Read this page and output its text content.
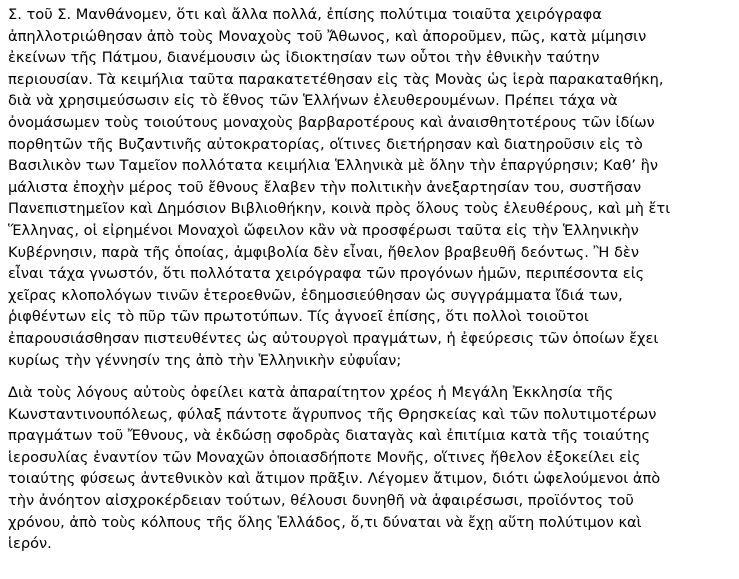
Σ. τοῦ Σ. Μανθάνομεν, ὅτι καὶ ἄλλα πολλά, ἐπίσης πολύτιμα τοιαῦτα χειρόγραφα
ἀπηλλοτριώθησαν ἀπὸ τοὺς Μοναχοὺς τοῦ Ἄθωνος, καὶ ἀποροῦμεν, πῶς, κατὰ μίμησιν
ἐκείνων τῆς Πάτμου, διανέμουσιν ὡς ἰδιοκτησίαν των οὗτοι τὴν ἐθνικὴν ταύτην
περιουσίαν. Τὰ κειμήλια ταῦτα παρακατετέθησαν εἰς τὰς Μονὰς ὡς ἱερὰ παρακαταθήκη,
διὰ νὰ χρησιμεύσωσιν εἰς τὸ ἔθνος τῶν Ἑλλήνων ἐλευθερουμένων. Πρέπει τάχα νὰ
ὀνομάσωμεν τοὺς τοιούτους μοναχοὺς βαρβαροτέρους καὶ ἀναισθητοτέρους τῶν ἰδίων
πορθητῶν τῆς Βυζαντινῆς αὐτοκρατορίας, οἵτινες διετήρησαν καὶ διατηροῦσιν εἰς τὸ
Βασιλικὸν των Ταμεῖον πολλότατα κειμήλια Ἑλληνικὰ μὲ ὅλην τὴν ἐπαργύρησιν; Καθ’ ἣν
μάλιστα ἐποχὴν μέρος τοῦ ἔθνους ἔλαβεν τὴν πολιτικὴν ἀνεξαρτησίαν του, συστῆσαν
Πανεπιστημεῖον καὶ Δημόσιον Βιβλιοθήκην, κοινὰ πρὸς ὅλους τοὺς ἐλευθέρους, καὶ μὴ ἔτι
Ἕλληνας, οἱ εἰρημένοι Μοναχοὶ ὤφειλον κἂν νὰ προσφέρωσι ταῦτα εἰς τὴν Ἑλληνικὴν
Κυβέρνησιν, παρὰ τῆς ὁποίας, ἀμφιβολία δὲν εἶναι, ἤθελον βραβευθῆ δεόντως. Ἢ δὲν
εἶναι τάχα γνωστόν, ὅτι πολλότατα χειρόγραφα τῶν προγόνων ἡμῶν, περιπέσοντα εἰς
χεῖρας κλοπολόγων τινῶν ἑτεροεθνῶν, ἐδημοσιεύθησαν ὡς συγγράμματα ἴδιά των,
ῥιφθέντων εἰς τὸ πῦρ τῶν πρωτοτύπων. Τίς ἀγνοεῖ ἐπίσης, ὅτι πολλοὶ τοιοῦτοι
ἐπαρουσιάσθησαν πιστευθέντες ὡς αὐτουργοὶ πραγμάτων, ἡ ἐφεύρεσις τῶν ὁποίων ἔχει
κυρίως τὴν γέννησίν της ἀπὸ τὴν Ἑλληνικὴν εὐφυΐαν;
Διὰ τοὺς λόγους αὐτοὺς ὀφείλει κατὰ ἀπαραίτητον χρέος ἡ Μεγάλη Ἐκκλησία τῆς
Κωνσταντινουπόλεως, φύλαξ πάντοτε ἄγρυπνος τῆς Θρησκείας καὶ τῶν πολυτιμοτέρων
πραγμάτων τοῦ Ἔθνους, νὰ ἐκδώσῃ σφοδρὰς διαταγὰς καὶ ἐπιτίμια κατὰ τῆς τοιαύτης
ἱεροσυλίας ἐναντίον τῶν Μοναχῶν ὁποιασδήποτε Μονῆς, οἵτινες ἤθελον ἐξοκείλει εἰς
τοιαύτης φύσεως ἀντεθνικὸν καὶ ἄτιμον πρᾶξιν. Λέγομεν ἄτιμον, διότι ὠφελούμενοι ἀπὸ
τὴν ἀνόητον αἰσχροκέρδειαν τούτων, θέλουσι δυνηθῆ νὰ ἀφαιρέσωσι, προϊόντος τοῦ
χρόνου, ἀπὸ τοὺς κόλπους τῆς ὅλης Ἑλλάδος, ὅ,τι δύναται νὰ ἔχῃ αὕτη πολύτιμον καὶ
ἱερόν.
